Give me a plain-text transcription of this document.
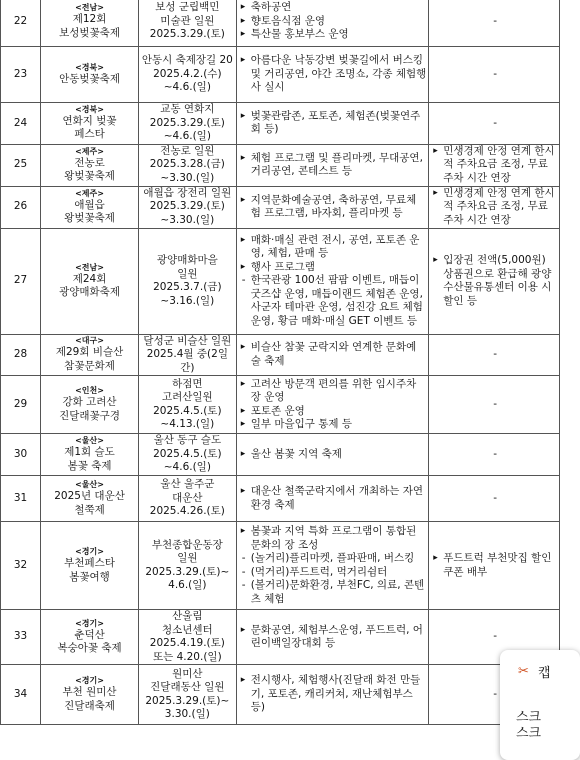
22	<전남>
제12회
보성벚꽃축제	보성 군립백민
미술관 일원
2025.3.29.(토)	▸ 축하공연
▸ 향토음식점 운영
▸ 특산물 홍보부스 운영	-
23	<경북>
안동벚꽃축제	안동시 축제장길 20
2025.4.2.(수)
~4.6.(일)	▸ 아름다운 낙동강변 벚꽃길에서 버스킹 및 거리공연, 야간 조명쇼, 각종 체험행사 실시	-
24	<경북>
연화지 벚꽃
페스타	교동 연화지
2025.3.29.(토)
~4.6.(일)	▸ 벚꽃관람존, 포토존, 체험존(벚꽃연주회 등)	-
25	<제주>
전농로
왕벚꽃축제	전농로 일원
2025.3.28.(금)
~3.30.(일)	▸ 체험 프로그램 및 플리마켓, 무대공연, 거리공연, 콘테스트 등	▸ 민생경제 안정 연계 한시적 주차요금 조정, 무료주차 시간 연장

26	<제주>
애월읍
왕벚꽃축제	애월읍 장전리 일원
2025.3.29.(토)
~3.30.(일)	▸ 지역문화예술공연, 축하공연, 무료체험 프로그램, 바자회, 플리마켓 등	▸ 민생경제 안정 연계 한시적 주차요금 조정, 무료주차 시간 연장

27	<전남>
제24회
광양매화축제	광양매화마을
일원
2025.3.7.(금)
~3.16.(일)	▸ 매화·매실 관련 전시, 공연, 포토존 운영, 체험, 판매 등
▸ 행사 프로그램
- 한국관광 100선 팜팜 이벤트, 매듭이 굿즈샵 운영, 매듭이랜드 체험존 운영, 사군자 테마관 운영, 섬진강 요트 체험 운영, 황금 매화·매실 GET 이벤트 등	▸ 입장권 전액(5,000원) 상품권으로 환급해 광양수산물유통센터 이용 시 할인 등

28	<대구>
제29회 비슬산
참꽃문화제	달성군 비슬산 일원
2025.4월 중(2일간)	▸ 비슬산 참꽃 군락지와 연계한 문화예술 축제	-
29	<인천>
강화 고려산
진달래꽃구경	하점면
고려산일원
2025.4.5.(토)
~4.13.(일)	▸ 고려산 방문객 편의를 위한 임시주차장 운영
▸ 포토존 운영
▸ 일부 마을입구 통제 등	-
30	<울산>
제1회 슬도
봄꽃 축제	울산 동구 슬도
2025.4.5.(토)
~4.6.(일)	▸ 울산 봄꽃 지역 축제	-
31	<울산>
2025년 대운산
철쭉제	울산 울주군
대운산
2025.4.26.(토)	▸ 대운산 철쭉군락지에서 개최하는 자연 환경 축제	-
32	<경기>
부천페스타
봄꽃여행	부천종합운동장
일원
2025.3.29.(토)~
4.6.(일)	▸ 봄꽃과 지역 특화 프로그램이 통합된 문화의 장 조성
- (놀거리)플리마켓, 플파판매, 버스킹
- (먹거리)푸드트럭, 먹거리쉼터
- (볼거리)문화환경, 부천FC, 의료, 콘텐츠 체험	▸ 푸드트럭 부천맛집 할인쿠폰 배부

33	<경기>
춘덕산
복숭아꽃 축제	산울림
청소년센터
2025.4.19.(토)
또는 4.20.(일)	▸ 문화공연, 체험부스운영, 푸드트럭, 어린이백일장대회 등	-
34	<경기>
부천 원미산
진달래축제	원미산
진달래동산 일원
2025.3.29.(토)~
3.30.(일)	▸ 전시행사, 체험행사(진달래 화전 만들기, 포토존, 캐리커쳐, 재난체험부스 등)	-
✂ 캡
스크
스크
